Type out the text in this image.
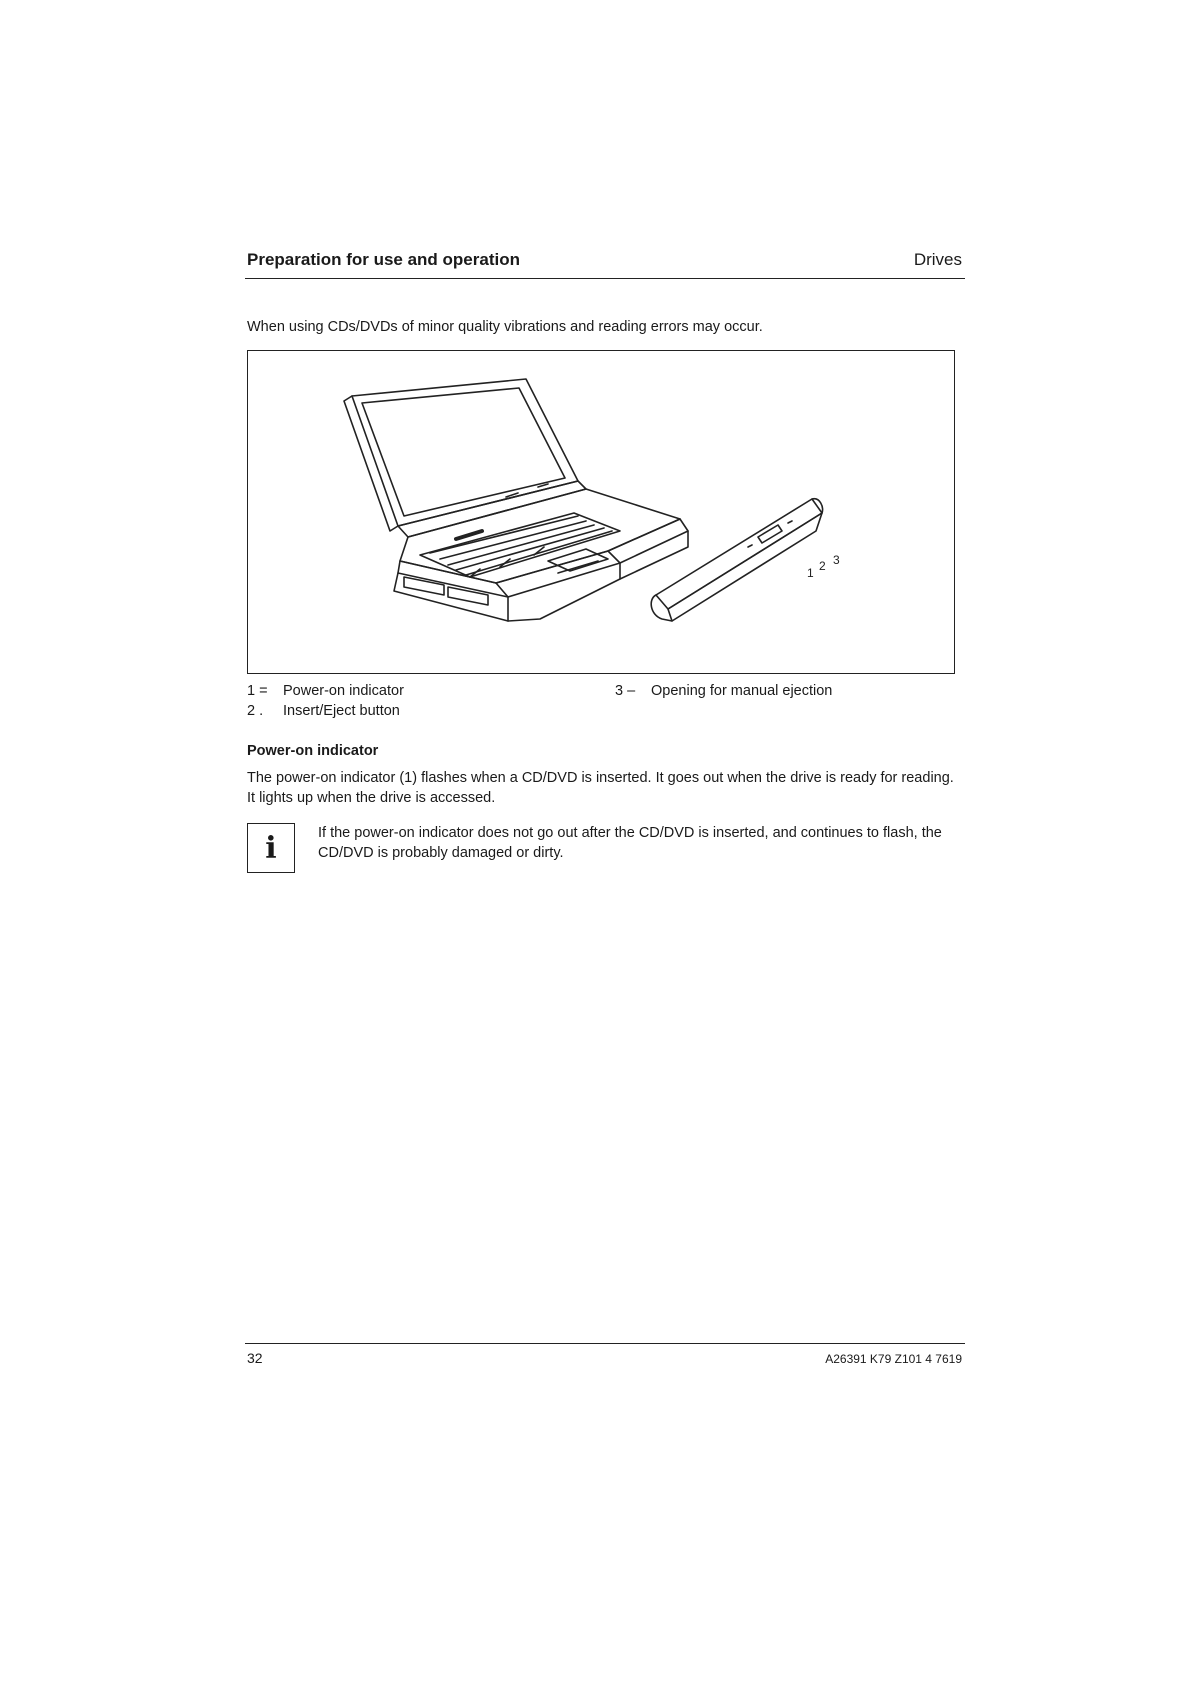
Preparation for use and operation	Drives
When using CDs/DVDs of minor quality vibrations and reading errors may occur.
1 2 3
1 = Power-on indicator
2 . Insert/Eject button
3 – Opening for manual ejection
Power-on indicator
The power-on indicator (1) flashes when a CD/DVD is inserted. It goes out when the drive is ready for reading. It lights up when the drive is accessed.
i	If the power-on indicator does not go out after the CD/DVD is inserted, and continues to flash, the CD/DVD is probably damaged or dirty.
32	A26391 K79 Z101 4 7619
